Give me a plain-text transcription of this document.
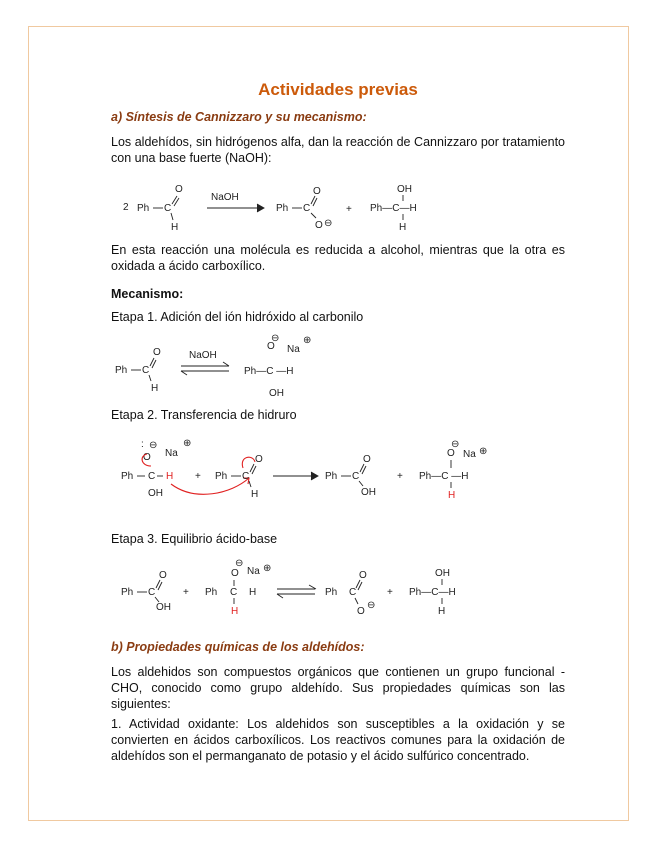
Actividades previas

a) Síntesis de Cannizzaro y su mecanismo:

Los aldehídos, sin hidrógenos alfa, dan la reacción de Cannizzaro por tratamiento con una base fuerte (NaOH):

2 Ph C
O
H
NaOH
Ph C
O
O ⊖
+ Ph—C—H
OH
H

En esta reacción una molécula es reducida a alcohol, mientras que la otra es oxidada a ácido carboxílico.

Mecanismo:

Etapa 1. Adición del ión hidróxido al carbonilo

Ph C
O
H
NaOH
O
⊖
Na
⊕
Ph—C —H
OH

Etapa 2. Transferencia de hidruro

: ⊖
Na
⊕
O
Ph C H
OH
+ Ph C
O
H
Ph C
O
OH
+
O
⊖
Na ⊕
Ph—C —H
H

Etapa 3. Equilibrio ácido-base

Ph C
O
OH
+
O
⊖
Na ⊕
Ph C H
H
Ph C
O
O
⊖
+ Ph—C—H
OH
H

b) Propiedades químicas de los aldehídos:

Los aldehidos son compuestos orgánicos que contienen un grupo funcional -CHO, conocido como grupo aldehído. Sus propiedades químicas son las siguientes:

1. Actividad oxidante: Los aldehidos son susceptibles a la oxidación y se convierten en ácidos carboxílicos. Los reactivos comunes para la oxidación de aldehídos son el permanganato de potasio y el ácido sulfúrico concentrado.
